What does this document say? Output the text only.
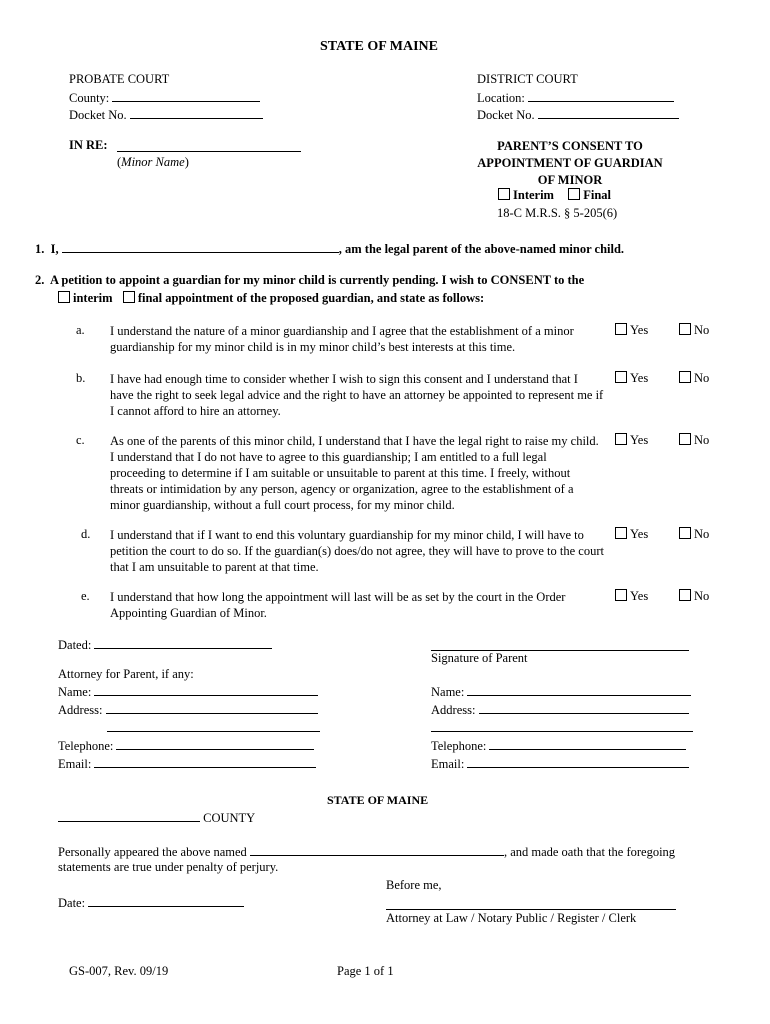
STATE OF MAINE
PROBATE COURT
County:
Docket No.
DISTRICT COURT
Location:
Docket No.
IN RE:
(Minor Name)
PARENT’S CONSENT TO
APPOINTMENT OF GUARDIAN
OF MINOR
Interim Final
18-C M.R.S. § 5-205(6)
1. I,	, am the legal parent of the above-named minor child.
2. A petition to appoint a guardian for my minor child is currently pending. I wish to CONSENT to the
interim final appointment of the proposed guardian, and state as follows:
a. I understand the nature of a minor guardianship and I agree that the establishment of a minor guardianship for my minor child is in my minor child’s best interests at this time.
Yes	No
b. I have had enough time to consider whether I wish to sign this consent and I understand that I have the right to seek legal advice and the right to have an attorney be appointed to represent me if I cannot afford to hire an attorney.
Yes	No
c. As one of the parents of this minor child, I understand that I have the legal right to raise my child. I understand that I do not have to agree to this guardianship; I am entitled to a full legal proceeding to determine if I am suitable or unsuitable to parent at this time. I freely, without threats or intimidation by any person, agency or organization, agree to the establishment of a minor guardianship, without a full court process, for my minor child.
Yes	No
d. I understand that if I want to end this voluntary guardianship for my minor child, I will have to petition the court to do so. If the guardian(s) does/do not agree, they will have to prove to the court that I am unsuitable to parent at that time.
Yes	No
e. I understand that how long the appointment will last will be as set by the court in the Order Appointing Guardian of Minor.
Yes	No
Dated:
Signature of Parent
Attorney for Parent, if any:
Name:
Address:
Telephone:
Email:
Name:
Address:
Telephone:
Email:
STATE OF MAINE
COUNTY
Personally appeared the above named	, and made oath that the foregoing
statements are true under penalty of perjury.
Before me,
Date:
Attorney at Law / Notary Public / Register / Clerk
GS-007, Rev. 09/19	Page 1 of 1
